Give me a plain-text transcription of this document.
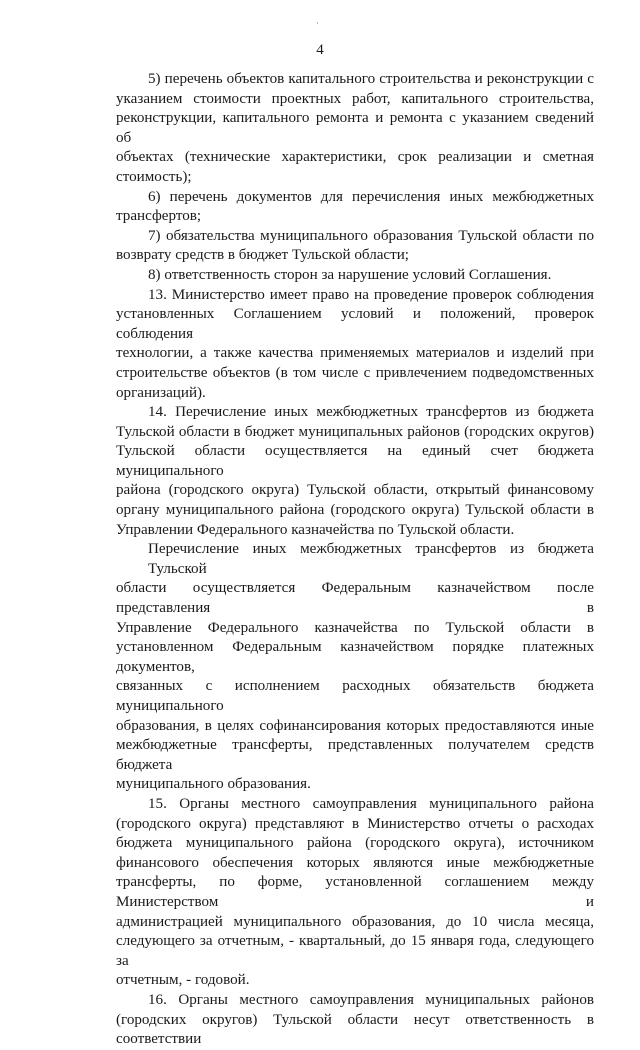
·
4
5) перечень объектов капитального строительства и реконструкции с
указанием стоимости проектных работ, капитального строительства,
реконструкции, капитального ремонта и ремонта с указанием сведений об
объектах (технические характеристики, срок реализации и сметная
стоимость);
6) перечень документов для перечисления иных межбюджетных
трансфертов;
7) обязательства муниципального образования Тульской области по
возврату средств в бюджет Тульской области;
8) ответственность сторон за нарушение условий Соглашения.
13. Министерство имеет право на проведение проверок соблюдения
установленных Соглашением условий и положений, проверок соблюдения
технологии, а также качества применяемых материалов и изделий при
строительстве объектов (в том числе с привлечением подведомственных
организаций).
14. Перечисление иных межбюджетных трансфертов из бюджета
Тульской области в бюджет муниципальных районов (городских округов)
Тульской области осуществляется на единый счет бюджета муниципального
района (городского округа) Тульской области, открытый финансовому
органу муниципального района (городского округа) Тульской области в
Управлении Федерального казначейства по Тульской области.
Перечисление иных межбюджетных трансфертов из бюджета Тульской
области осуществляется Федеральным казначейством после представления в
Управление Федерального казначейства по Тульской области в
установленном Федеральным казначейством порядке платежных документов,
связанных с исполнением расходных обязательств бюджета муниципального
образования, в целях софинансирования которых предоставляются иные
межбюджетные трансферты, представленных получателем средств бюджета
муниципального образования.
15. Органы местного самоуправления муниципального района
(городского округа) представляют в Министерство отчеты о расходах
бюджета муниципального района (городского округа), источником
финансового обеспечения которых являются иные межбюджетные
трансферты, по форме, установленной соглашением между Министерством и
администрацией муниципального образования, до 10 числа месяца,
следующего за отчетным, - квартальный, до 15 января года, следующего за
отчетным, - годовой.
16. Органы местного самоуправления муниципальных районов
(городских округов) Тульской области несут ответственность в соответствии
